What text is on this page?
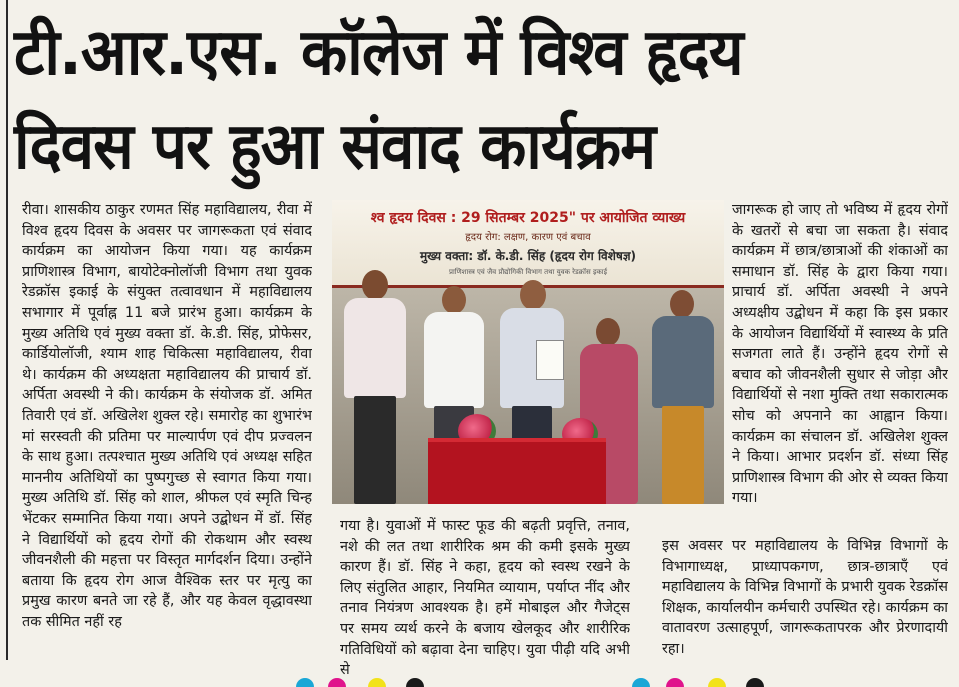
टी.आर.एस. कॉलेज में विश्व हृदय
दिवस पर हुआ संवाद कार्यक्रम

रीवा। शासकीय ठाकुर रणमत सिंह महाविद्यालय, रीवा में विश्व हृदय दिवस के अवसर पर जागरूकता एवं संवाद कार्यक्रम का आयोजन किया गया। यह कार्यक्रम प्राणिशास्त्र विभाग, बायोटेक्नोलॉजी विभाग तथा युवक रेडक्रॉस इकाई के संयुक्त तत्वावधान में महाविद्यालय सभागार में पूर्वाह्न 11 बजे प्रारंभ हुआ। कार्यक्रम के मुख्य अतिथि एवं मुख्य वक्ता डॉ. के.डी. सिंह, प्रोफेसर, कार्डियोलॉजी, श्याम शाह चिकित्सा महाविद्यालय, रीवा थे। कार्यक्रम की अध्यक्षता महाविद्यालय की प्राचार्य डॉ. अर्पिता अवस्थी ने की। कार्यक्रम के संयोजक डॉ. अमित तिवारी एवं डॉ. अखिलेश शुक्ल रहे। समारोह का शुभारंभ मां सरस्वती की प्रतिमा पर माल्यार्पण एवं दीप प्रज्वलन के साथ हुआ। तत्पश्चात मुख्य अतिथि एवं अध्यक्ष सहित माननीय अतिथियों का पुष्पगुच्छ से स्वागत किया गया। मुख्य अतिथि डॉ. सिंह को शाल, श्रीफल एवं स्मृति चिन्ह भेंटकर सम्मानित किया गया। अपने उद्बोधन में डॉ. सिंह ने विद्यार्थियों को हृदय रोगों की रोकथाम और स्वस्थ जीवनशैली की महत्ता पर विस्तृत मार्गदर्शन दिया। उन्होंने बताया कि हृदय रोग आज वैश्विक स्तर पर मृत्यु का प्रमुख कारण बनते जा रहे हैं, और यह केवल वृद्धावस्था तक सीमित नहीं रह

श्व हृदय दिवस : 29 सितम्बर 2025" पर आयोजित व्याख्य
हृदय रोग: लक्षण, कारण एवं बचाव
मुख्य वक्ता: डॉ. के.डी. सिंह (हृदय रोग विशेषज्ञ)
प्राणिशास्त्र एवं जैव प्रौद्योगिकी विभाग तथा युवक रेडक्रॉस इकाई

गया है। युवाओं में फास्ट फूड की बढ़ती प्रवृत्ति, तनाव, नशे की लत तथा शारीरिक श्रम की कमी इसके मुख्य कारण हैं। डॉ. सिंह ने कहा, हृदय को स्वस्थ रखने के लिए संतुलित आहार, नियमित व्यायाम, पर्याप्त नींद और तनाव नियंत्रण आवश्यक है। हमें मोबाइल और गैजेट्स पर समय व्यर्थ करने के बजाय खेलकूद और शारीरिक गतिविधियों को बढ़ावा देना चाहिए। युवा पीढ़ी यदि अभी से

जागरूक हो जाए तो भविष्य में हृदय रोगों के खतरों से बचा जा सकता है। संवाद कार्यक्रम में छात्र/छात्राओं की शंकाओं का समाधान डॉ. सिंह के द्वारा किया गया। प्राचार्य डॉ. अर्पिता अवस्थी ने अपने अध्यक्षीय उद्बोधन में कहा कि इस प्रकार के आयोजन विद्यार्थियों में स्वास्थ्य के प्रति सजगता लाते हैं। उन्होंने हृदय रोगों से बचाव को जीवनशैली सुधार से जोड़ा और विद्यार्थियों से नशा मुक्ति तथा सकारात्मक सोच को अपनाने का आह्वान किया। कार्यक्रम का संचालन डॉ. अखिलेश शुक्ल ने किया। आभार प्रदर्शन डॉ. संध्या सिंह प्राणिशास्त्र विभाग की ओर से व्यक्त किया गया।

इस अवसर पर महाविद्यालय के विभिन्न विभागों के विभागाध्यक्ष, प्राध्यापकगण, छात्र-छात्राएँ एवं महाविद्यालय के विभिन्न विभागों के प्रभारी युवक रेडक्रॉस शिक्षक, कार्यालयीन कर्मचारी उपस्थित रहे। कार्यक्रम का वातावरण उत्साहपूर्ण, जागरूकतापरक और प्रेरणादायी रहा।
